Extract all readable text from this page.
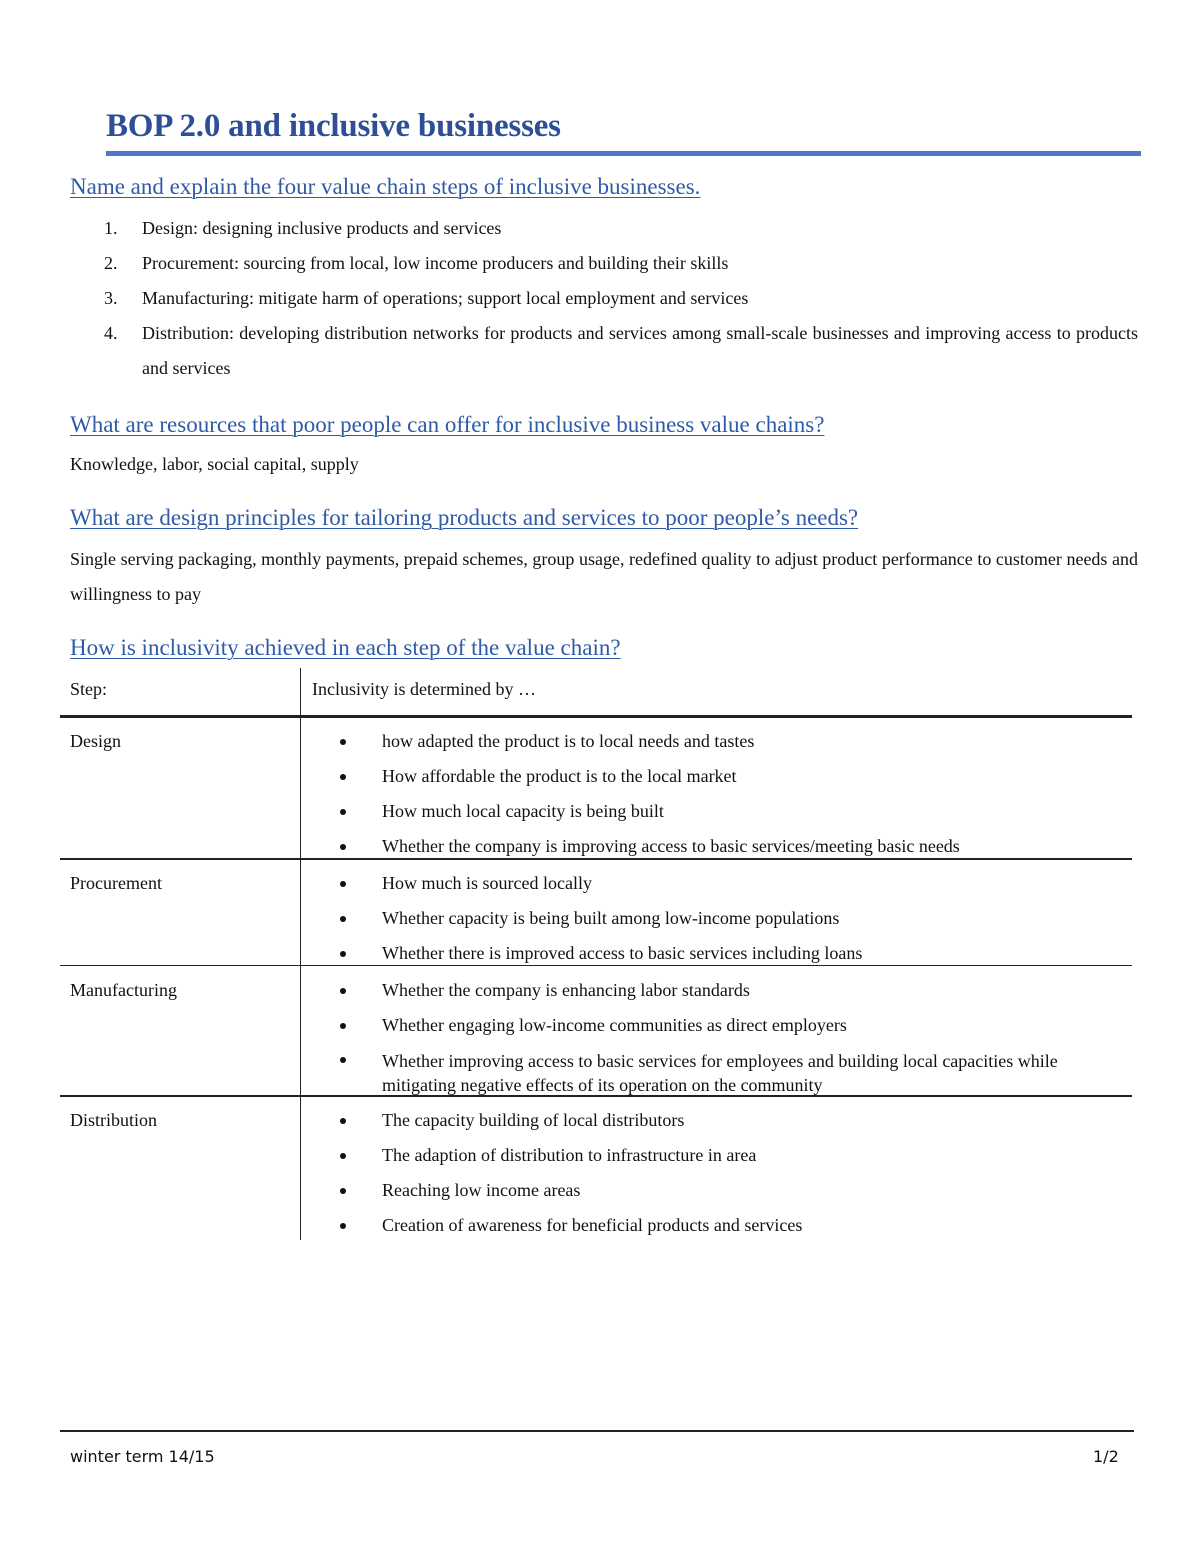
BOP 2.0 and inclusive businesses
Name and explain the four value chain steps of inclusive businesses.
1. Design: designing inclusive products and services
2. Procurement: sourcing from local, low income producers and building their skills
3. Manufacturing: mitigate harm of operations; support local employment and services
4. Distribution: developing distribution networks for products and services among small-scale businesses and improving access to products and services
What are resources that poor people can offer for inclusive business value chains?

Knowledge, labor, social capital, supply

What are design principles for tailoring products and services to poor people’s needs?

Single serving packaging, monthly payments, prepaid schemes, group usage, redefined quality to adjust product performance to customer needs and willingness to pay

How is inclusivity achieved in each step of the value chain?
Step:	Inclusivity is determined by …
Design	how adapted the product is to local needs and tastes
How affordable the product is to the local market
How much local capacity is being built
Whether the company is improving access to basic services/meeting basic needs
Procurement	How much is sourced locally
Whether capacity is being built among low-income populations
Whether there is improved access to basic services including loans
Manufacturing	Whether the company is enhancing labor standards
Whether engaging low-income communities as direct employers
Whether improving access to basic services for employees and building local capacities while mitigating negative effects of its operation on the community
Distribution	The capacity building of local distributors
The adaption of distribution to infrastructure in area
Reaching low income areas
Creation of awareness for beneficial products and services
winter term 14/15	1/2
